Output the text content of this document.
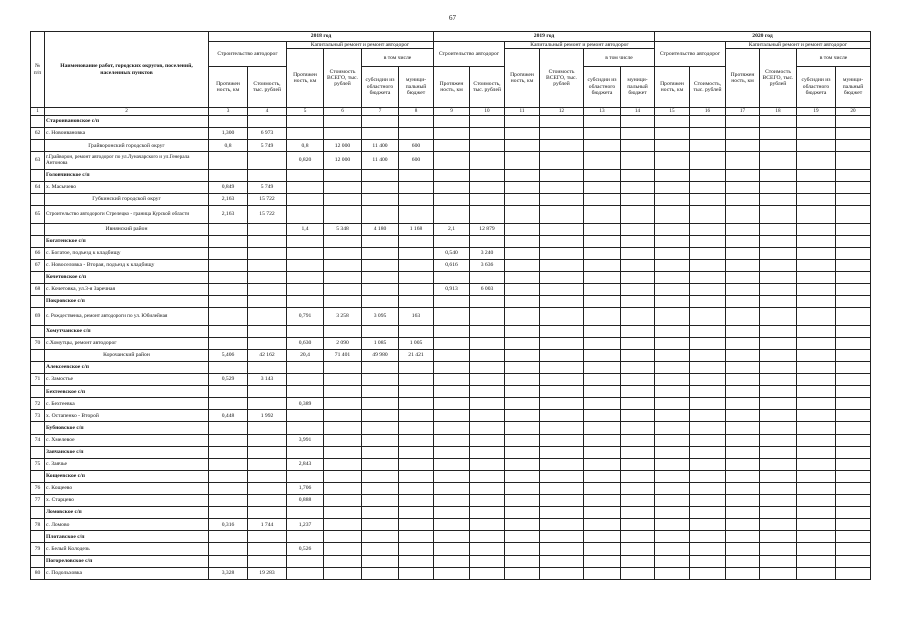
67
№ п/п	Наименование работ, городских округов, поселений, населенных пунктов	2018 год						2019 год						2020 год					
		Строительство автодорог		Капитальный ремонт и ремонт автодорог				Строительство автодорог		Капитальный ремонт и ремонт автодорог				Строительство автодорог		Капитальный ремонт и ремонт автодорог			
				Протяжен ность, км	Стоимость ВСЕГО, тыс. рублей	в том числе				Протяжен ность, км	Стоимость ВСЕГО, тыс. рублей	в том числе				Протяжен ность, км	Стоимость ВСЕГО, тыс. рублей	в том числе	
		Протяжен ность, км	Стоимость, тыс. рублей			субсидии из областного бюджета	муници- пальный бюджет	Протяжен ность, км	Стоимость, тыс. рублей			субсидии из областного бюджета	муници- пальный бюджет	Протяжен ность, км	Стоимость, тыс. рублей			субсидии из областного бюджета	муници- пальный бюджет
1	2	3	4	5	6	7	8	9	10	11	12	13	14	15	16	17	18	19	20
	Староивановское с/п																		
62	с. Новоивановка	1,300	6 973																
	Грайворонский городской округ	0,8	5 749	0,8	12 000	11 400	600												
63	г.Грайворон, ремонт автодорог по ул.Луначарского и ул.Генерала Антонова			0,820	12 000	11 400	600												
	Головчинское с/п																		
64	х. Масычево	0,849	5 749																
	Губкинский городской округ	2,163	15 722																
65	Строительство автодороги Стрелецко - граница Курской области	2,163	15 722																
	Ивнянский район			1,4	5 348	4 180	1 168	2,1	12 879										
	Богатенское с/п																		
66	с. Богатое, подъезд к кладбищу							0,540	3 240										
67	с. Новоселовка - Вторая, подъезд к кладбищу							0,616	3 636										
	Кочетовское с/п																		
68	с. Кочетовка, ул.3-я Заречная							0,913	6 003										
	Покровское с/п																		
69	с. Рождественка, ремонт автодороги по ул. Юбилейная			0,791	3 258	3 095	163												
	Хомутчанское с/п																		
70	с.Хомутцы, ремонт автодорог			0,630	2 090	1 085	1 005												
	Корочанский район	5,406	42 162	20,4	71 401	49 980	21 421												
	Алексеевское с/п																		
71	с. Замостье	0,529	3 143																
	Бехтеевское с/п																		
72	с. Бехтеевка			0,389															
73	х. Остапенко - Второй	0,448	1 992																
	Бубновское с/п																		
74	с. Хмелевое			3,991															
	Заячанское с/п																		
75	с. Заячье			2,843															
	Кощеевское с/п																		
76	с. Кощеево			1,706															
77	х. Старцево			0,888															
	Ломовское с/п																		
78	с. Ломово	0,316	1 744	1,237															
	Плотавское с/п																		
79	с. Белый Колодезь			0,526															
	Погореловское с/п																		
80	с. Подольховка	3,328	19 283																
